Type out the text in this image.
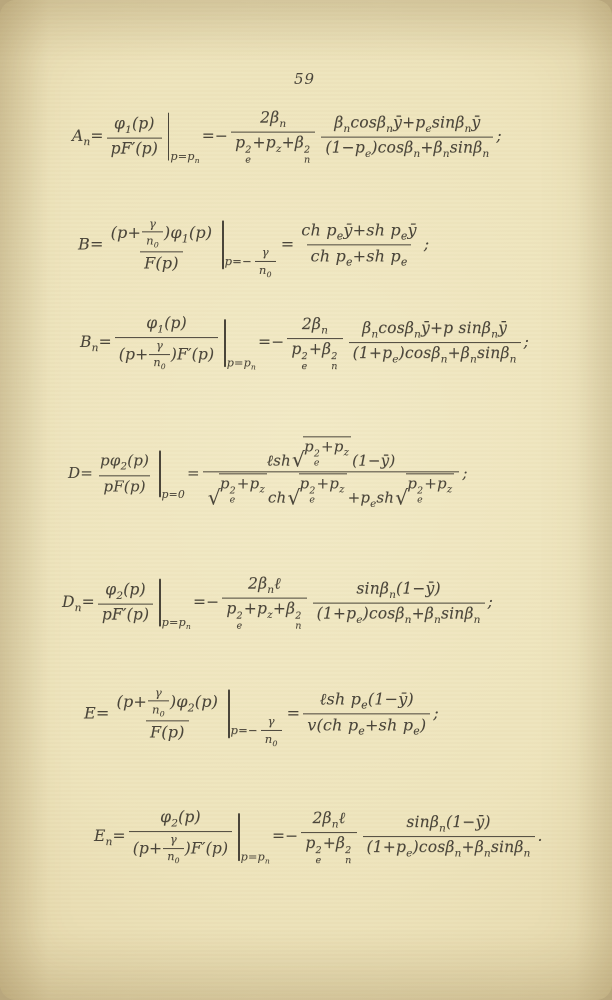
59
$A_n= \frac{\varphi_1(p)}{pF'(p)} p=p_n$
=− $2\beta_n$
p 2
e
$+p_z+\beta$ 2
n $\frac{\beta_n\cos\beta_nȳ+p_e\sin\beta_nȳ}{(1-p_e)\cos\beta_n+\beta_n\sin\beta_n}$ ;
$B= \frac{(p+ \frac{\gamma}{n_0} )\varphi_1(p)}{F(p)} p=- \frac{\gamma}{n_0}$
= $\frac{ch p_eȳ+sh p_eȳ}{ch p_e+sh p_e}$ ;
$B_n= \frac{\varphi_1(p)}{(p+ \frac{\gamma}{n_0} )F'(p)} p=p_n$
=− $2\beta_n$
p 2
e
+β 2
n $\frac{\beta_n\cos\beta_nȳ+p \sin\beta_nȳ}{(1+p_e)\cos\beta_n+\beta_n\sin\beta_n}$ ;
$D= \frac{p\varphi_2(p)}{pF(p)} p=0$
= ℓsh √
p 2
e
$+p_z$ (1−ȳ)
√
p 2
e
$+p_z$ ch √
p 2
e
$+p_z +p_esh$ √
p 2
e
$+p_z$ ;
$D_n= \frac{\varphi_2(p)}{pF'(p)} p=p_n$
=− $2\beta_n\ell$
p 2
e
$+p_z+\beta$ 2
n $\frac{\sin\beta_n(1-ȳ)}{(1+p_e)\cos\beta_n+\beta_n\sin\beta_n}$ ;
$E= \frac{(p+ \frac{\gamma}{n_0} )\varphi_2(p)}{F(p)} p=- \frac{\gamma}{n_0}$
= $\frac{\ell sh p_e(1-ȳ)}{v(ch p_e+sh p_e)}$ ;
$E_n= \frac{\varphi_2(p)}{(p+ \frac{\gamma}{n_0} )F'(p)} p=p_n$
=− $2\beta_n\ell$
p 2
e
+β 2
n $\frac{\sin\beta_n(1-ȳ)}{(1+p_e)\cos\beta_n+\beta_n\sin\beta_n}$ .
